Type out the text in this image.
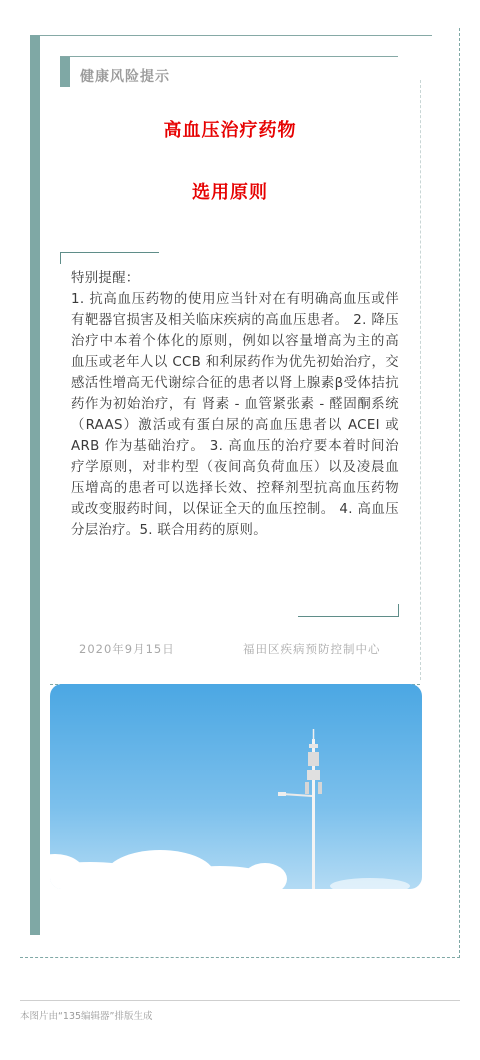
健康风险提示
高血压治疗药物
选用原则
特别提醒：
1. 抗高血压药物的使用应当针对在有明确高血压或伴有靶器官损害及相关临床疾病的高血压患者。 2. 降压治疗中本着个体化的原则，例如以容量增高为主的高血压或老年人以 CCB 和利尿药作为优先初始治疗，交感活性增高无代谢综合征的患者以肾上腺素β受体拮抗药作为初始治疗，有 肾素 - 血管紧张素 - 醛固酮系统（RAAS）激活或有蛋白尿的高血压患者以 ACEI 或 ARB 作为基础治疗。 3. 高血压的治疗要本着时间治疗学原则，对非杓型（夜间高负荷血压）以及凌晨血压增高的患者可以选择长效、控释剂型抗高血压药物或改变服药时间，以保证全天的血压控制。 4. 高血压分层治疗。5. 联合用药的原则。
2020年9月15日	福田区疾病预防控制中心
本图片由“135编辑器”排版生成
